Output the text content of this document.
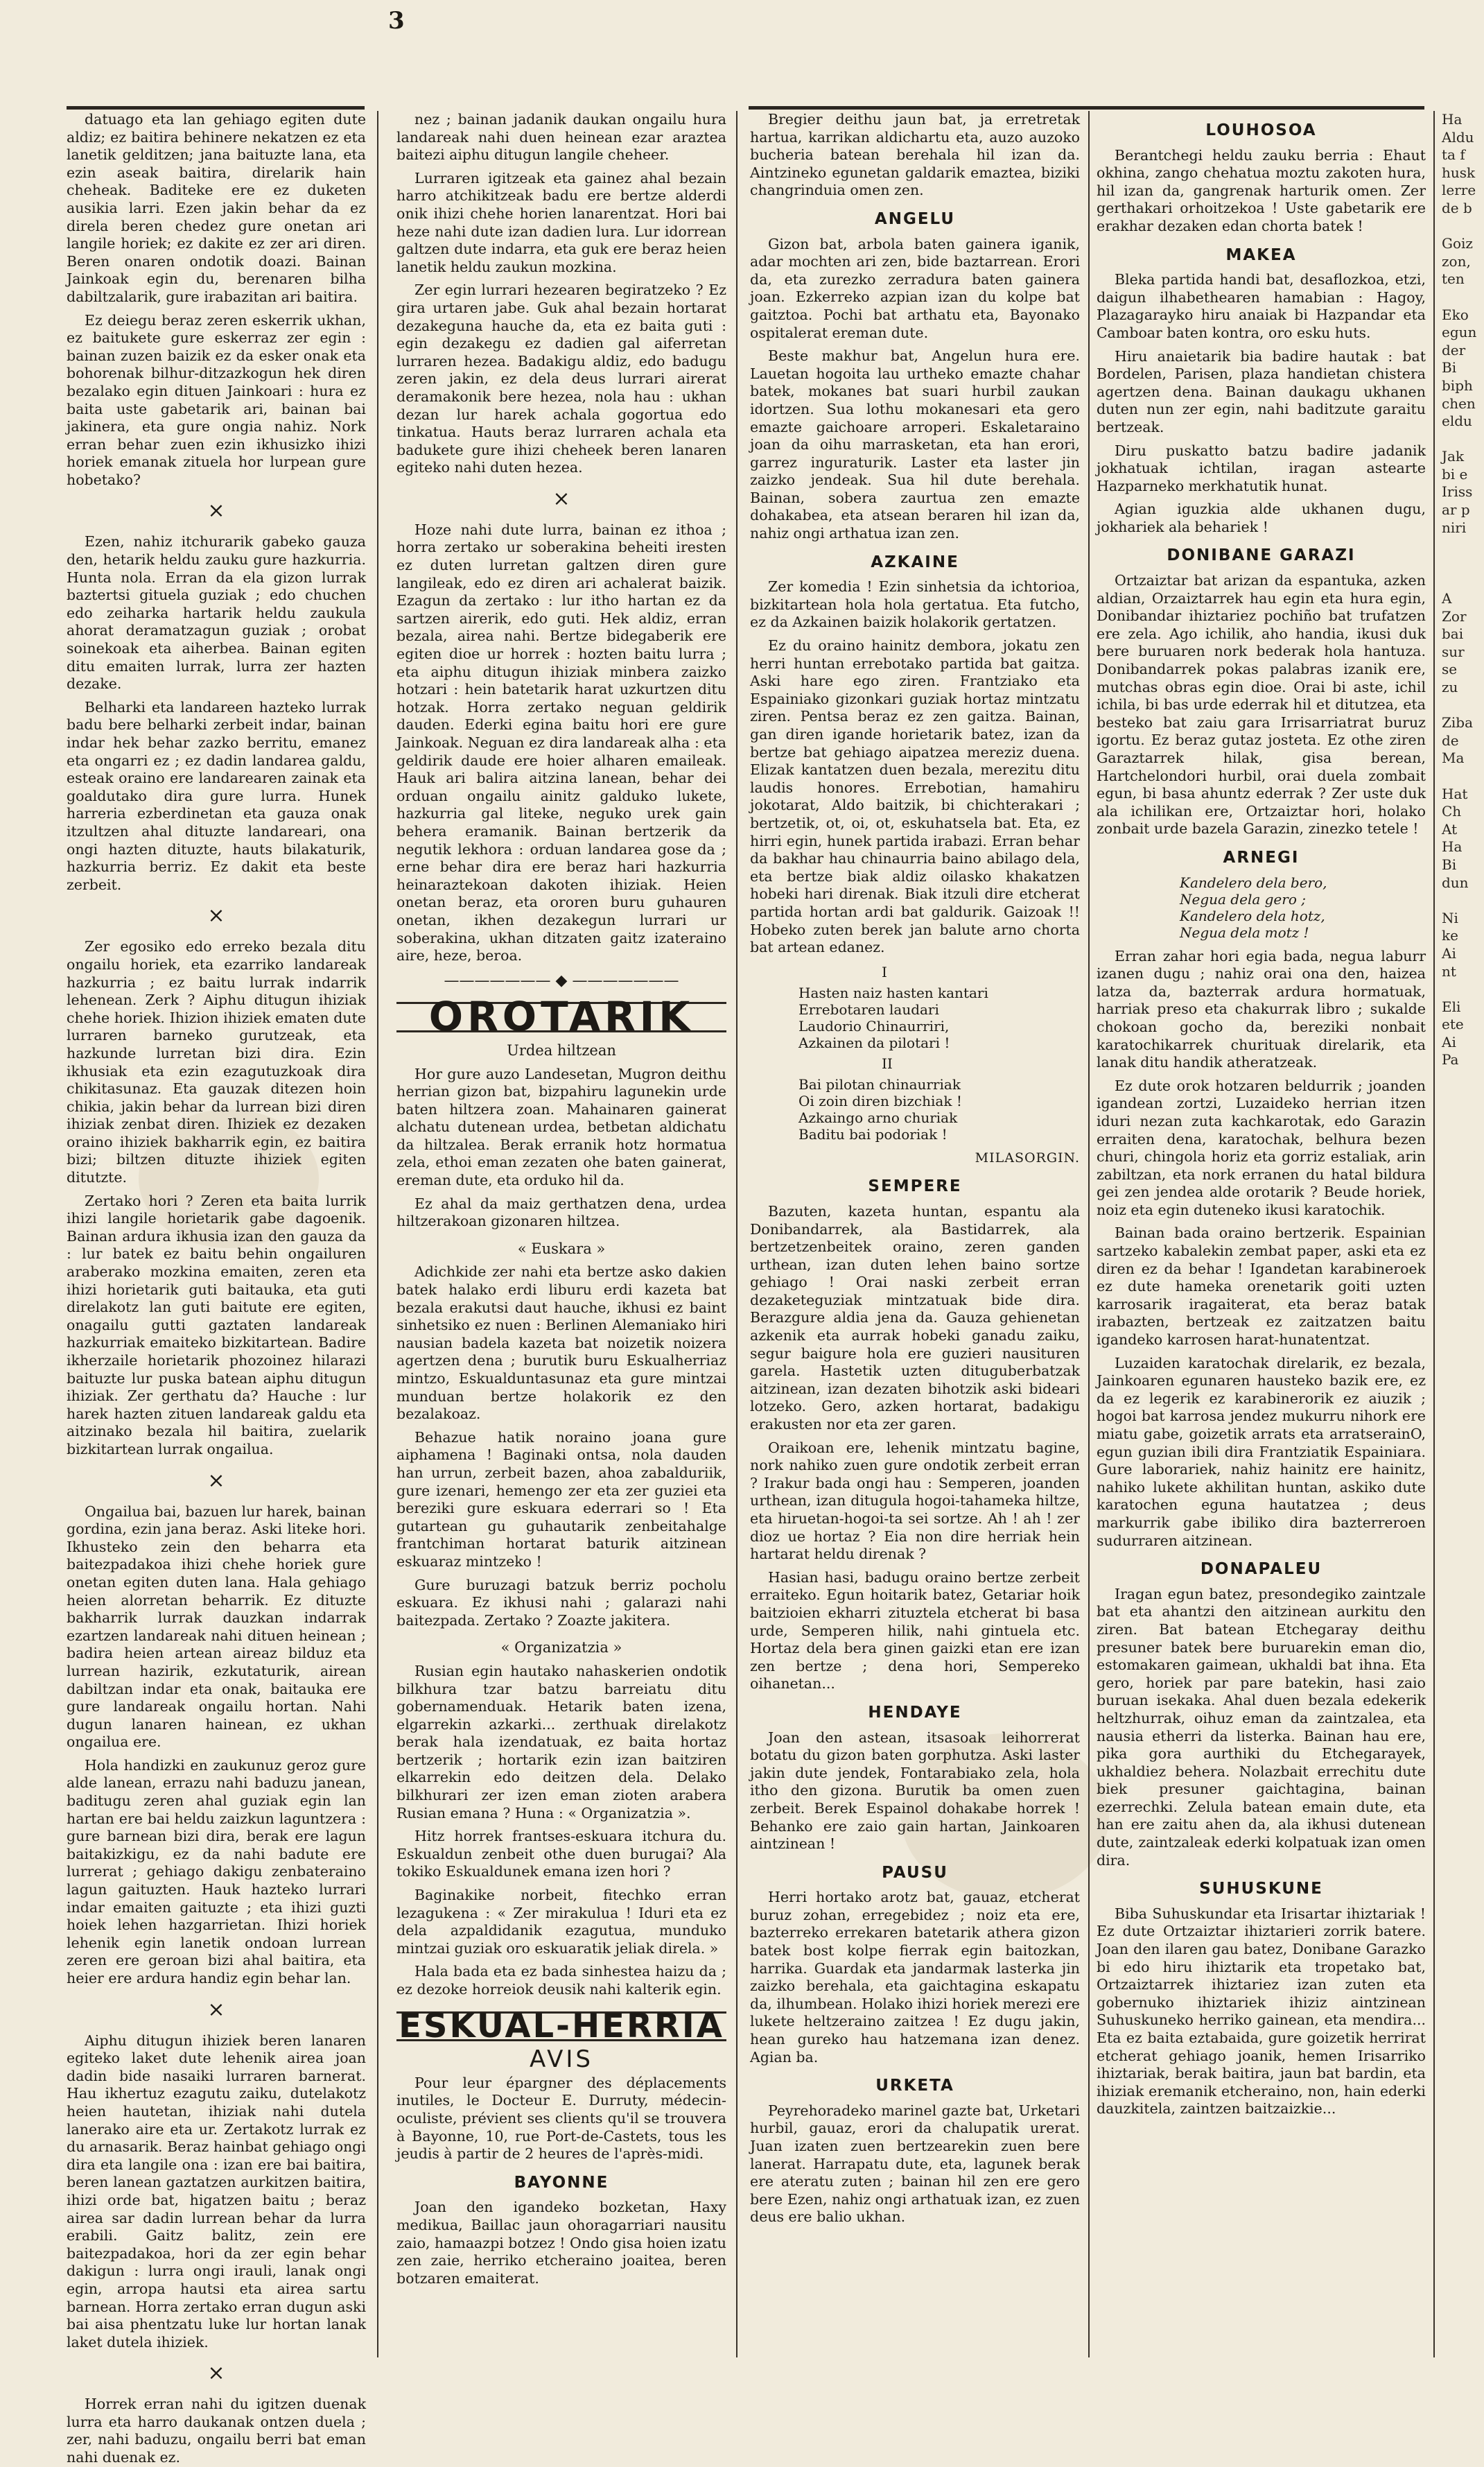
3

datuago eta lan gehiago egiten dute aldiz; ez baitira behinere nekatzen ez eta lanetik gelditzen; jana baituzte lana, eta ezin aseak baitira, direlarik hain cheheak. Baditeke ere ez duketen ausikia larri. Ezen jakin behar da ez direla beren chedez gure onetan ari langile horiek; ez dakite ez zer ari diren. Beren onaren ondotik doazi. Bainan Jainkoak egin du, berenaren bilha dabiltzalarik, gure irabazitan ari baitira.

Ez deiegu beraz zeren eskerrik ukhan, ez baitukete gure eskerraz zer egin : bainan zuzen baizik ez da esker onak eta bohorenak bilhur-ditzazkogun hek diren bezalako egin dituen Jainkoari : hura ez baita uste gabetarik ari, bainan bai jakinera, eta gure ongia nahiz. Nork erran behar zuen ezin ikhusizko ihizi horiek emanak zituela hor lurpean gure hobetako?

×

Ezen, nahiz itchurarik gabeko gauza den, hetarik heldu zauku gure hazkurria. Hunta nola. Erran da ela gizon lurrak baztertsi gituela guziak ; edo chuchen edo zeiharka hartarik heldu zaukula ahorat deramatzagun guziak ; orobat soinekoak eta aiherbea. Bainan egiten ditu emaiten lurrak, lurra zer hazten dezake.

Belharki eta landareen hazteko lurrak badu bere belharki zerbeit indar, bainan indar hek behar zazko berritu, emanez eta ongarri ez ; ez dadin landarea galdu, esteak oraino ere landarearen zainak eta goaldutako dira gure lurra. Hunek harreria ezberdinetan eta gauza onak itzultzen ahal dituzte landareari, ona ongi hazten dituzte, hauts bilakaturik, hazkurria berriz. Ez dakit eta beste zerbeit.

×

Zer egosiko edo erreko bezala ditu ongailu horiek, eta ezarriko landareak hazkurria ; ez baitu lurrak indarrik lehenean. Zerk ? Aiphu ditugun ihiziak chehe horiek. Ihizion ihiziek ematen dute lurraren barneko gurutzeak, eta hazkunde lurretan bizi dira. Ezin ikhusiak eta ezin ezagutuzkoak dira chikitasunaz. Eta gauzak ditezen hoin chikia, jakin behar da lurrean bizi diren ihiziak zenbat diren. Ihiziek ez dezaken oraino ihiziek bakharrik egin, ez baitira bizi; biltzen dituzte ihiziek egiten ditutzte.

Zertako hori ? Zeren eta baita lurrik ihizi langile horietarik gabe dagoenik. Bainan ardura ikhusia izan den gauza da : lur batek ez baitu behin ongailuren araberako mozkina emaiten, zeren eta ihizi horietarik guti baitauka, eta guti direlakotz lan guti baitute ere egiten, onagailu gutti gaztaten landareak hazkurriak emaiteko bizkitartean. Badire ikherzaile horietarik phozoinez hilarazi baituzte lur puska batean aiphu ditugun ihiziak. Zer gerthatu da? Hauche : lur harek hazten zituen landareak galdu eta aitzinako bezala hil baitira, zuelarik bizkitartean lurrak ongailua.

×

Ongailua bai, bazuen lur harek, bainan gordina, ezin jana beraz. Aski liteke hori. Ikhusteko zein den beharra eta baitezpadakoa ihizi chehe horiek gure onetan egiten duten lana. Hala gehiago heien alorretan beharrik. Ez dituzte bakharrik lurrak dauzkan indarrak ezartzen landareak nahi dituen heinean ; badira heien artean aireaz bilduz eta lurrean hazirik, ezkutaturik, airean dabiltzan indar eta onak, baitauka ere gure landareak ongailu hortan. Nahi dugun lanaren hainean, ez ukhan ongailua ere.

Hola handizki en zaukunuz geroz gure alde lanean, errazu nahi baduzu janean, baditugu zeren ahal guziak egin lan hartan ere bai heldu zaizkun laguntzera : gure barnean bizi dira, berak ere lagun baitakizkigu, ez da nahi badute ere lurrerat ; gehiago dakigu zenbateraino lagun gaituzten. Hauk hazteko lurrari indar emaiten gaituzte ; eta ihizi guzti hoiek lehen hazgarrietan. Ihizi horiek lehenik egin lanetik ondoan lurrean zeren ere geroan bizi ahal baitira, eta heier ere ardura handiz egin behar lan.

×

Aiphu ditugun ihiziek beren lanaren egiteko laket dute lehenik airea joan dadin bide nasaiki lurraren barnerat. Hau ikhertuz ezagutu zaiku, dutelakotz heien hautetan, ihiziak nahi dutela lanerako aire eta ur. Zertakotz lurrak ez du arnasarik. Beraz hainbat gehiago ongi dira eta langile ona : izan ere bai baitira, beren lanean gaztatzen aurkitzen baitira, ihizi orde bat, higatzen baitu ; beraz airea sar dadin lurrean behar da lurra erabili. Gaitz balitz, zein ere baitezpadakoa, hori da zer egin behar dakigun : lurra ongi irauli, lanak ongi egin, arropa hautsi eta airea sartu barnean. Horra zertako erran dugun aski bai aisa phentzatu luke lur hortan lanak laket dutela ihiziek.

×

Horrek erran nahi du igitzen duenak lurra eta harro daukanak ontzen duela ; zer, nahi baduzu, ongailu berri bat eman nahi duenak ez.

nez ; bainan jadanik daukan ongailu hura landareak nahi duen heinean ezar araztea baitezi aiphu ditugun langile cheheer.

Lurraren igitzeak eta gainez ahal bezain harro atchikitzeak badu ere bertze alderdi onik ihizi chehe horien lanarentzat. Hori bai heze nahi dute izan dadien lura. Lur idorrean galtzen dute indarra, eta guk ere beraz heien lanetik heldu zaukun mozkina.

Zer egin lurrari hezearen begiratzeko ? Ez gira urtaren jabe. Guk ahal bezain hortarat dezakeguna hauche da, eta ez baita guti : egin dezakegu ez dadien gal aiferretan lurraren hezea. Badakigu aldiz, edo badugu zeren jakin, ez dela deus lurrari airerat deramakonik bere hezea, nola hau : ukhan dezan lur harek achala gogortua edo tinkatua. Hauts beraz lurraren achala eta badukete gure ihizi cheheek beren lanaren egiteko nahi duten hezea.

×

Hoze nahi dute lurra, bainan ez ithoa ; horra zertako ur soberakina beheiti iresten ez duten lurretan galtzen diren gure langileak, edo ez diren ari achalerat baizik. Ezagun da zertako : lur itho hartan ez da sartzen airerik, edo guti. Hek aldiz, erran bezala, airea nahi. Bertze bidegaberik ere egiten dioe ur horrek : hozten baitu lurra ; eta aiphu ditugun ihiziak minbera zaizko hotzari : hein batetarik harat uzkurtzen ditu hotzak. Horra zertako neguan geldirik dauden. Ederki egina baitu hori ere gure Jainkoak. Neguan ez dira landareak alha : eta geldirik daude ere hoier alharen emaileak. Hauk ari balira aitzina lanean, behar dei orduan ongailu ainitz galduko lukete, hazkurria gal liteke, neguko urek gain behera eramanik. Bainan bertzerik da negutik lekhora : orduan landarea gose da ; erne behar dira ere beraz hari hazkurria heinaraztekoan dakoten ihiziak. Heien onetan beraz, eta ororen buru guhauren onetan, ikhen dezakegun lurrari ur soberakina, ukhan ditzaten gaitz izateraino aire, heze, beroa.

——————— ◆ ———————
OROTARIK
Urdea hiltzean

Hor gure auzo Landesetan, Mugron deithu herrian gizon bat, bizpahiru lagunekin urde baten hiltzera zoan. Mahainaren gainerat alchatu dutenean urdea, betbetan aldichatu da hiltzalea. Berak erranik hotz hormatua zela, ethoi eman zezaten ohe baten gainerat, ereman dute, eta orduko hil da.

Ez ahal da maiz gerthatzen dena, urdea hiltzerakoan gizonaren hiltzea.

« Euskara »

Adichkide zer nahi eta bertze asko dakien batek halako erdi liburu erdi kazeta bat bezala erakutsi daut hauche, ikhusi ez baint sinhetsiko ez nuen : Berlinen Alemaniako hiri nausian badela kazeta bat noizetik noizera agertzen dena ; burutik buru Eskualherriaz mintzo, Eskualduntasunaz eta gure mintzai munduan bertze holakorik ez den bezalakoaz.

Behazue hatik noraino joana gure aiphamena ! Baginaki ontsa, nola dauden han urrun, zerbeit bazen, ahoa zabalduriik, gure izenari, hemengo zer eta zer guziei eta bereziki gure eskuara ederrari so ! Eta gutartean gu guhautarik zenbeitahalge frantchiman hortarat baturik aitzinean eskuaraz mintzeko !

Gure buruzagi batzuk berriz pocholu eskuara. Ez ikhusi nahi ; galarazi nahi baitezpada. Zertako ? Zoazte jakitera.

« Organizatzia »

Rusian egin hautako nahaskerien ondotik bilkhura tzar batzu barreiatu ditu gobernamenduak. Hetarik baten izena, elgarrekin azkarki... zerthuak direlakotz berak hala izendatuak, ez baita hortaz bertzerik ; hortarik ezin izan baitziren elkarrekin edo deitzen dela. Delako bilkhurari zer izen eman zioten arabera Rusian emana ? Huna : « Organizatzia ».

Hitz horrek frantses-eskuara itchura du. Eskualdun zenbeit othe duen burugai? Ala tokiko Eskualdunek emana izen hori ?

Baginakike norbeit, fitechko erran lezagukena : « Zer mirakulua ! Iduri eta ez dela azpaldidanik ezagutua, munduko mintzai guziak oro eskuaratik jeliak direla. »

Hala bada eta ez bada sinhestea haizu da ; ez dezoke horreiok deusik nahi kalterik egin.

ESKUAL-HERRIA
AVIS

Pour leur épargner des déplacements inutiles, le Docteur E. Durruty, médecin-oculiste, prévient ses clients qu'il se trouvera à Bayonne, 10, rue Port-de-Castets, tous les jeudis à partir de 2 heures de l'après-midi.

BAYONNE

Joan den igandeko bozketan, Haxy medikua, Baillac jaun ohoragarriari nausitu zaio, hamaazpi botzez ! Ondo gisa hoien izatu zen zaie, herriko etcheraino joaitea, beren botzaren emaiterat.

Bregier deithu jaun bat, ja erretretak hartua, karrikan aldichartu eta, auzo auzoko bucheria batean berehala hil izan da. Aintzineko egunetan galdarik emaztea, biziki changrinduia omen zen.

ANGELU

Gizon bat, arbola baten gainera iganik, adar mochten ari zen, bide baztarrean. Erori da, eta zurezko zerradura baten gainera joan. Ezkerreko azpian izan du kolpe bat gaitztoa. Pochi bat arthatu eta, Bayonako ospitalerat ereman dute.

Beste makhur bat, Angelun hura ere. Lauetan hogoita lau urtheko emazte chahar batek, mokanes bat suari hurbil zaukan idortzen. Sua lothu mokanesari eta gero emazte gaichoare arroperi. Eskaletaraino joan da oihu marrasketan, eta han erori, garrez inguraturik. Laster eta laster jin zaizko jendeak. Sua hil dute berehala. Bainan, sobera zaurtua zen emazte dohakabea, eta atsean beraren hil izan da, nahiz ongi arthatua izan zen.

AZKAINE

Zer komedia ! Ezin sinhetsia da ichtorioa, bizkitartean hola hola gertatua. Eta futcho, ez da Azkainen baizik holakorik gertatzen.

Ez du oraino hainitz dembora, jokatu zen herri huntan errebotako partida bat gaitza. Aski hare ego ziren. Frantziako eta Espainiako gizonkari guziak hortaz mintzatu ziren. Pentsa beraz ez zen gaitza. Bainan, gan diren igande horietarik batez, izan da bertze bat gehiago aipatzea mereziz duena. Elizak kantatzen duen bezala, merezitu ditu laudis honores. Errebotian, hamahiru jokotarat, Aldo baitzik, bi chichterakari ; bertzetik, ot, oi, ot, eskuhatsela bat. Eta, ez hirri egin, hunek partida irabazi. Erran behar da bakhar hau chinaurria baino abilago dela, eta bertze biak aldiz oilasko khakatzen hobeki hari direnak. Biak itzuli dire etcherat partida hortan ardi bat galdurik. Gaizoak !! Hobeko zuten berek jan balute arno chorta bat artean edanez.

I
Hasten naiz hasten kantari
Errebotaren laudari
Laudorio Chinaurriri,
Azkainen da pilotari !
II
Bai pilotan chinaurriak
Oi zoin diren bizchiak !
Azkaingo arno churiak
Baditu bai podoriak !
MILASORGIN.
SEMPERE

Bazuten, kazeta huntan, espantu ala Donibandarrek, ala Bastidarrek, ala bertzetzenbeitek oraino, zeren ganden urthean, izan duten lehen baino sortze gehiago ! Orai naski zerbeit erran dezaketeguziak mintzatuak bide dira. Berazgure aldia jena da. Gauza gehienetan azkenik eta aurrak hobeki ganadu zaiku, segur baigure hola ere guzieri nausituren garela. Hastetik uzten dituguberbatzak aitzinean, izan dezaten bihotzik aski bideari lotzeko. Gero, azken hortarat, badakigu erakusten nor eta zer garen.

Oraikoan ere, lehenik mintzatu bagine, nork nahiko zuen gure ondotik zerbeit erran ? Irakur bada ongi hau : Semperen, joanden urthean, izan ditugula hogoi-tahameka hiltze, eta hiruetan-hogoi-ta sei sortze. Ah ! ah ! zer dioz ue hortaz ? Eia non dire herriak hein hartarat heldu direnak ?

Hasian hasi, badugu oraino bertze zerbeit erraiteko. Egun hoitarik batez, Getariar hoik baitzioien ekharri zituztela etcherat bi basa urde, Semperen hilik, nahi gintuela etc. Hortaz dela bera ginen gaizki etan ere izan zen bertze ; dena hori, Sempereko oihanetan...

HENDAYE

Joan den astean, itsasoak leihorrerat botatu du gizon baten gorphutza. Aski laster jakin dute jendek, Fontarabiako zela, hola itho den gizona. Burutik ba omen zuen zerbeit. Berek Espainol dohakabe horrek ! Behanko ere zaio gain hartan, Jainkoaren aintzinean !

PAUSU

Herri hortako arotz bat, gauaz, etcherat buruz zohan, erregebidez ; noiz eta ere, bazterreko errekaren batetarik athera gizon batek bost kolpe fierrak egin baitozkan, harrika. Guardak eta jandarmak lasterka jin zaizko berehala, eta gaichtagina eskapatu da, ilhumbean. Holako ihizi horiek merezi ere lukete heltzeraino zaitzea ! Ez dugu jakin, hean gureko hau hatzemana izan denez. Agian ba.

URKETA

Peyrehoradeko marinel gazte bat, Urketari hurbil, gauaz, erori da chalupatik urerat. Juan izaten zuen bertzearekin zuen bere lanerat. Harrapatu dute, eta, lagunek berak ere ateratu zuten ; bainan hil zen ere gero bere Ezen, nahiz ongi arthatuak izan, ez zuen deus ere balio ukhan.

LOUHOSOA

Berantchegi heldu zauku berria : Ehaut okhina, zango chehatua moztu zakoten hura, hil izan da, gangrenak harturik omen. Zer gerthakari orhoitzekoa ! Uste gabetarik ere erakhar dezaken edan chorta batek !

MAKEA

Bleka partida handi bat, desaflozkoa, etzi, daigun ilhabethearen hamabian : Hagoy, Plazagarayko hiru anaiak bi Hazpandar eta Camboar baten kontra, oro esku huts.

Hiru anaietarik bia badire hautak : bat Bordelen, Parisen, plaza handietan chistera agertzen dena. Bainan daukagu ukhanen duten nun zer egin, nahi baditzute garaitu bertzeak.

Diru puskatto batzu badire jadanik jokhatuak ichtilan, iragan astearte Hazparneko merkhatutik hunat.

Agian iguzkia alde ukhanen dugu, jokhariek ala behariek !

DONIBANE GARAZI

Ortzaiztar bat arizan da espantuka, azken aldian, Orzaiztarrek hau egin eta hura egin, Donibandar ihiztariez pochiño bat trufatzen ere zela. Ago ichilik, aho handia, ikusi duk bere buruaren nork bederak hola hantuza. Donibandarrek pokas palabras izanik ere, mutchas obras egin dioe. Orai bi aste, ichil ichila, bi bas urde ederrak hil et ditutzea, eta besteko bat zaiu gara Irrisarriatrat buruz igortu. Ez beraz gutaz josteta. Ez othe ziren Garaztarrek hilak, gisa berean, Hartchelondori hurbil, orai duela zombait egun, bi basa ahuntz ederrak ? Zer uste duk ala ichilikan ere, Ortzaiztar hori, holako zonbait urde bazela Garazin, zinezko tetele !

ARNEGI
Kandelero dela bero,
Negua dela gero ;
Kandelero dela hotz,
Negua dela motz !

Erran zahar hori egia bada, negua laburr izanen dugu ; nahiz orai ona den, haizea latza da, bazterrak ardura hormatuak, harriak preso eta chakurrak libro ; sukalde chokoan gocho da, bereziki nonbait karatochikarrek churituak direlarik, eta lanak ditu handik atheratzeak.

Ez dute orok hotzaren beldurrik ; joanden igandean zortzi, Luzaideko herrian itzen iduri nezan zuta kachkarotak, edo Garazin erraiten dena, karatochak, belhura bezen churi, chingola horiz eta gorriz estaliak, arin zabiltzan, eta nork erranen du hatal bildura gei zen jendea alde orotarik ? Beude horiek, noiz eta egin duteneko ikusi karatochik.

Bainan bada oraino bertzerik. Espainian sartzeko kabalekin zembat paper, aski eta ez diren ez da behar ! Igandetan karabineroek ez dute hameka orenetarik goiti uzten karrosarik iragaiterat, eta beraz batak irabazten, bertzeak ez zaitzatzen baitu igandeko karrosen harat-hunatentzat.

Luzaiden karatochak direlarik, ez bezala, Jainkoaren egunaren hausteko bazik ere, ez da ez legerik ez karabinerorik ez aiuzik ; hogoi bat karrosa jendez mukurru nihork ere miatu gabe, goizetik arrats eta arratserainO, egun guzian ibili dira Frantziatik Espainiara. Gure laborariek, nahiz hainitz ere hainitz, nahiko lukete akhilitan huntan, askiko dute karatochen eguna hautatzea ; deus markurrik gabe ibiliko dira bazterreroen sudurraren aitzinean.

DONAPALEU

Iragan egun batez, presondegiko zaintzale bat eta ahantzi den aitzinean aurkitu den ziren. Bat batean Etchegaray deithu presuner batek bere buruarekin eman dio, estomakaren gaimean, ukhaldi bat ihna. Eta gero, horiek par pare batekin, hasi zaio buruan isekaka. Ahal duen bezala edekerik heltzhurrak, oihuz eman da zaintzalea, eta nausia etherri da listerka. Bainan hau ere, pika gora aurthiki du Etchegarayek, ukhaldiez behera. Nolazbait errechitu dute biek presuner gaichtagina, bainan ezerrechki. Zelula batean emain dute, eta han ere zaitu ahen da, ala ikhusi dutenean dute, zaintzaleak ederki kolpatuak izan omen dira.

SUHUSKUNE

Biba Suhuskundar eta Irisartar ihiztariak ! Ez dute Ortzaiztar ihiztarieri zorrik batere. Joan den ilaren gau batez, Donibane Garazko bi edo hiru ihiztarik eta tropetako bat, Ortzaiztarrek ihiztariez izan zuten eta gobernuko ihiztariek ihiziz aintzinean Suhuskuneko herriko gainean, eta mendira... Eta ez baita eztabaida, gure goizetik herrirat etcherat gehiago joanik, hemen Irisarriko ihiztariak, berak baitira, jaun bat bardin, eta ihiziak eremanik etcheraino, non, hain ederki dauzkitela, zaintzen baitzaizkie...

Ha
Aldu
ta f
husk
lerre
de b
Goiz
zon,
ten
Eko
egun
der
Bi
biph
chen
eldu
Jak
bi e
Iriss
ar p
niri
A
Zor
bai
sur
se
zu
Ziba
de
Ma
Hat
Ch
At
Ha
Bi
dun
Ni
ke
Ai
nt
Eli
ete
Ai
Pa
